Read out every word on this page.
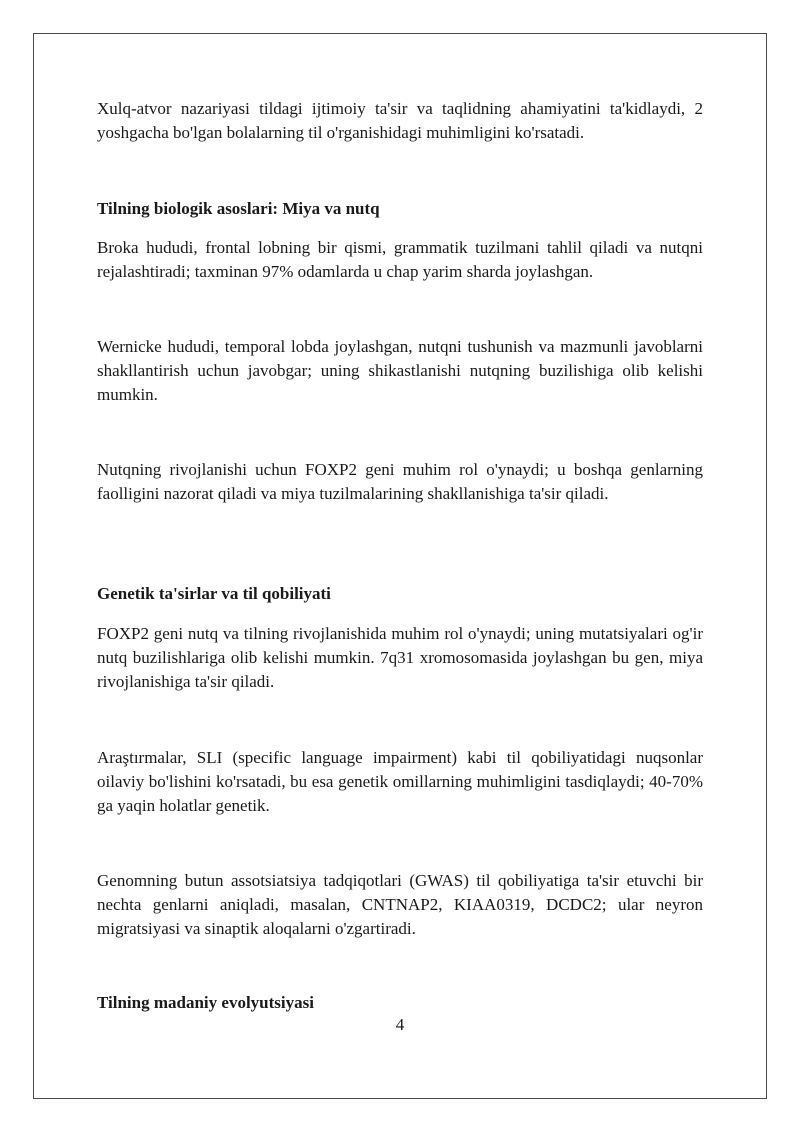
Xulq-atvor nazariyasi tildagi ijtimoiy ta'sir va taqlidning ahamiyatini ta'kidlaydi, 2 yoshgacha bo'lgan bolalarning til o'rganishidagi muhimligini ko'rsatadi.

Tilning biologik asoslari: Miya va nutq

Broka hududi, frontal lobning bir qismi, grammatik tuzilmani tahlil qiladi va nutqni rejalashtiradi; taxminan 97% odamlarda u chap yarim sharda joylashgan.

Wernicke hududi, temporal lobda joylashgan, nutqni tushunish va mazmunli javoblarni shakllantirish uchun javobgar; uning shikastlanishi nutqning buzilishiga olib kelishi mumkin.

Nutqning rivojlanishi uchun FOXP2 geni muhim rol o'ynaydi; u boshqa genlarning faolligini nazorat qiladi va miya tuzilmalarining shakllanishiga ta'sir qiladi.

Genetik ta'sirlar va til qobiliyati

FOXP2 geni nutq va tilning rivojlanishida muhim rol o'ynaydi; uning mutatsiyalari og'ir nutq buzilishlariga olib kelishi mumkin. 7q31 xromosomasida joylashgan bu gen, miya rivojlanishiga ta'sir qiladi.

Araştırmalar, SLI (specific language impairment) kabi til qobiliyatidagi nuqsonlar oilaviy bo'lishini ko'rsatadi, bu esa genetik omillarning muhimligini tasdiqlaydi; 40-70% ga yaqin holatlar genetik.

Genomning butun assotsiatsiya tadqiqotlari (GWAS) til qobiliyatiga ta'sir etuvchi bir nechta genlarni aniqladi, masalan, CNTNAP2, KIAA0319, DCDC2; ular neyron migratsiyasi va sinaptik aloqalarni o'zgartiradi.

Tilning madaniy evolyutsiyasi
4
